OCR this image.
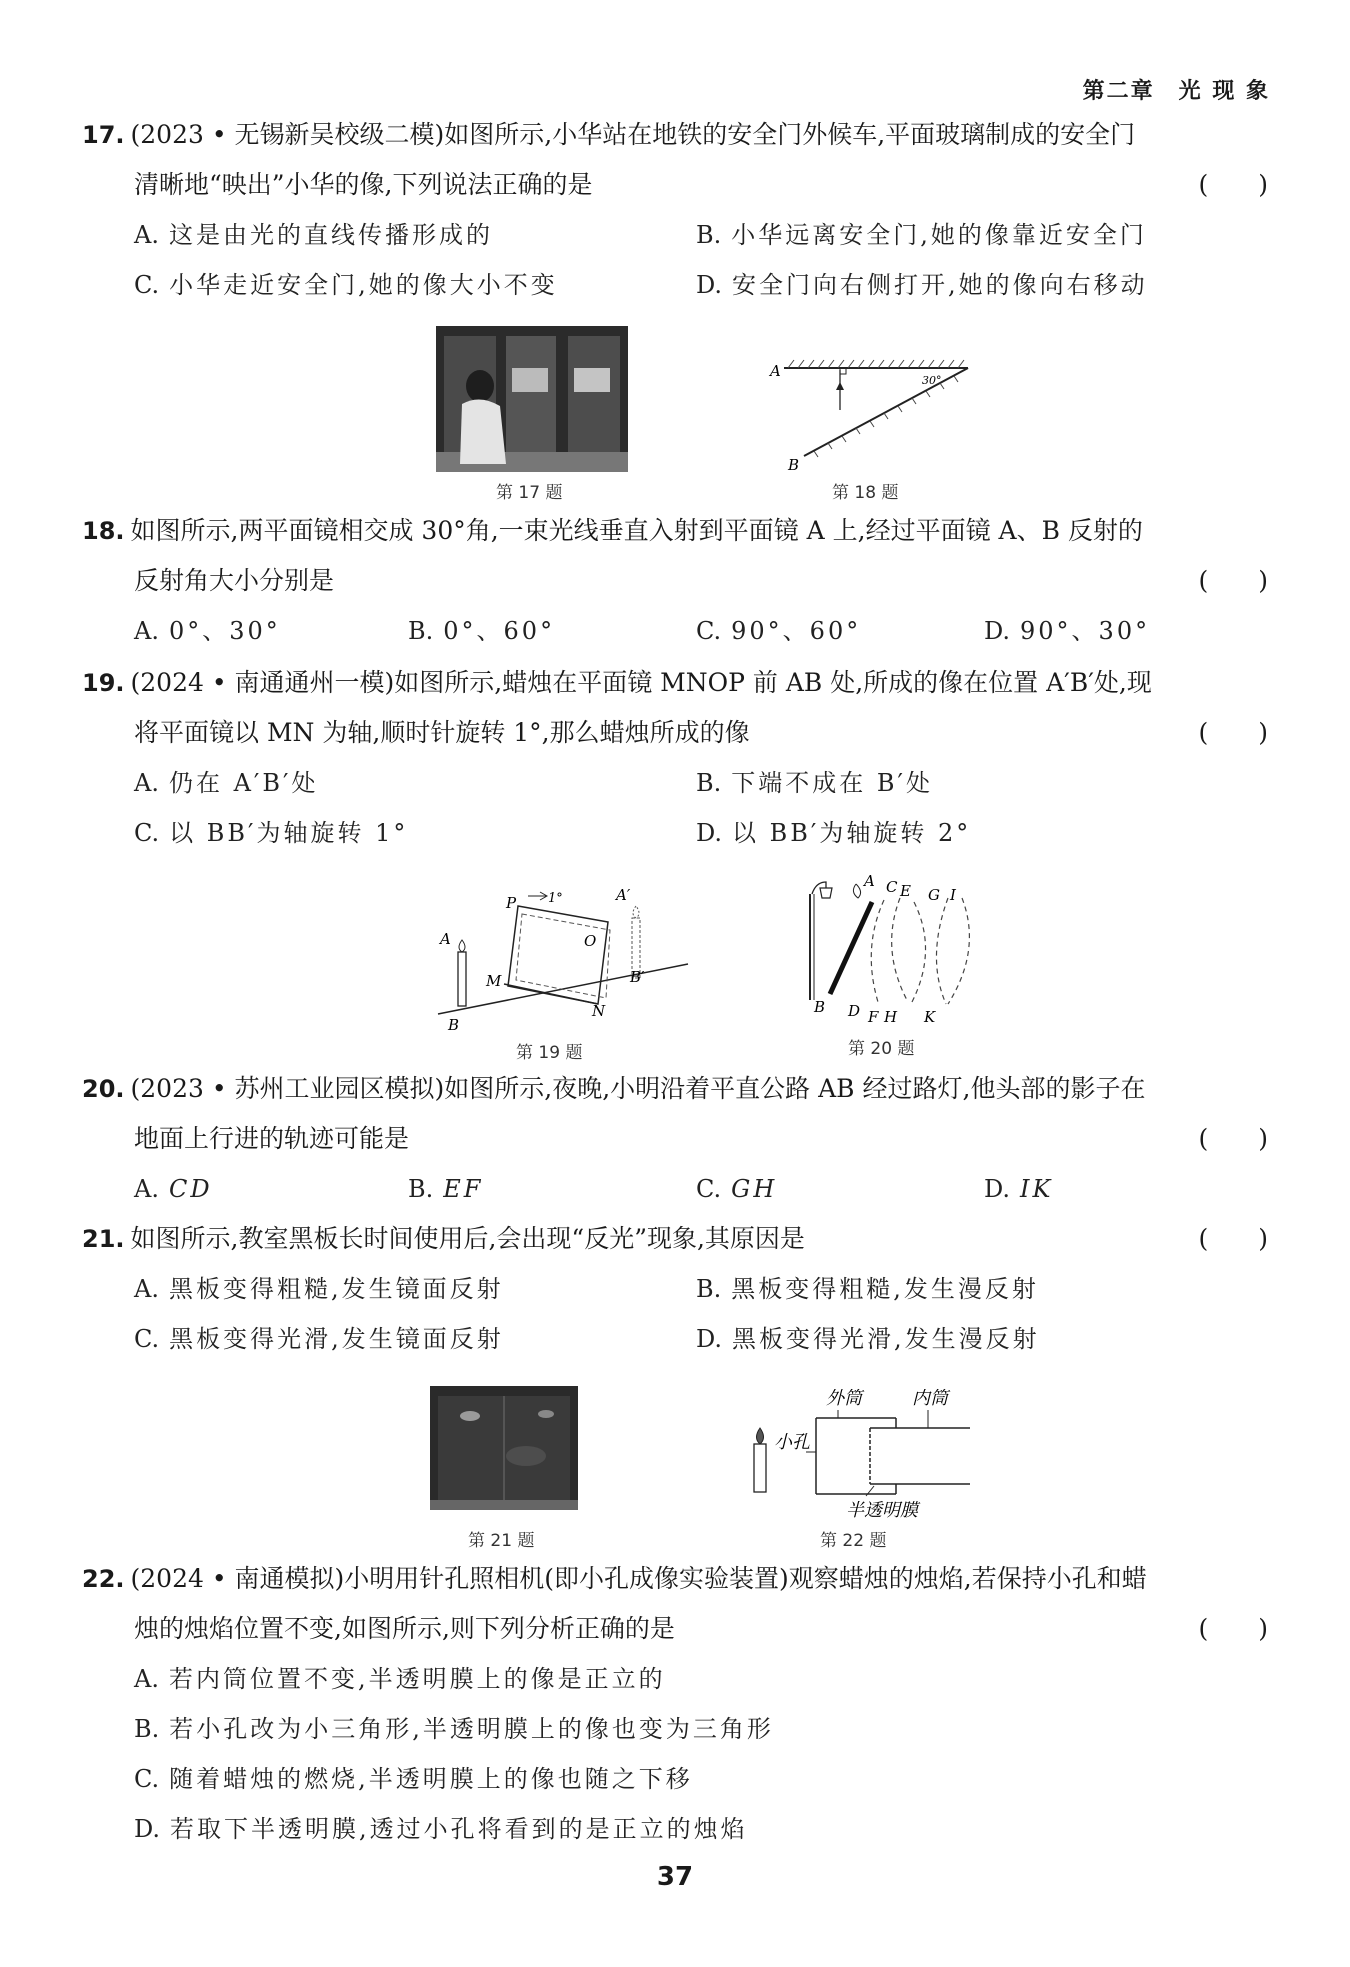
第二章　光 现 象
17. (2023 • 无锡新吴校级二模)如图所示,小华站在地铁的安全门外候车,平面玻璃制成的安全门
清晰地“映出”小华的像,下列说法正确的是	(　　)
A. 这是由光的直线传播形成的	B. 小华远离安全门,她的像靠近安全门
C. 小华走近安全门,她的像大小不变	D. 安全门向右侧打开,她的像向右移动
第 17 题
A
B
30°
第 18 题
18. 如图所示,两平面镜相交成 30°角,一束光线垂直入射到平面镜 A 上,经过平面镜 A、B 反射的
反射角大小分别是	(　　)
A. 0°、30°	B. 0°、60°	C. 90°、60°	D. 90°、30°
19. (2024 • 南通通州一模)如图所示,蜡烛在平面镜 MNOP 前 AB 处,所成的像在位置 A′B′处,现
将平面镜以 MN 为轴,顺时针旋转 1°,那么蜡烛所成的像	(　　)
A. 仍在 A′B′处	B. 下端不成在 B′处
C. 以 BB′为轴旋转 1°	D. 以 BB′为轴旋转 2°
P 1°	A′
A	O
M	B′
N
B
第 19 题
A C E G I
B D F H K
第 20 题
20. (2023 • 苏州工业园区模拟)如图所示,夜晚,小明沿着平直公路 AB 经过路灯,他头部的影子在
地面上行进的轨迹可能是	(　　)
A. CD	B. EF	C. GH	D. IK
21. 如图所示,教室黑板长时间使用后,会出现“反光”现象,其原因是	(　　)
A. 黑板变得粗糙,发生镜面反射	B. 黑板变得粗糙,发生漫反射
C. 黑板变得光滑,发生镜面反射	D. 黑板变得光滑,发生漫反射
第 21 题
外筒	内筒
小孔
半透明膜
第 22 题
22. (2024 • 南通模拟)小明用针孔照相机(即小孔成像实验装置)观察蜡烛的烛焰,若保持小孔和蜡
烛的烛焰位置不变,如图所示,则下列分析正确的是	(　　)
A. 若内筒位置不变,半透明膜上的像是正立的
B. 若小孔改为小三角形,半透明膜上的像也变为三角形
C. 随着蜡烛的燃烧,半透明膜上的像也随之下移
D. 若取下半透明膜,透过小孔将看到的是正立的烛焰
37
